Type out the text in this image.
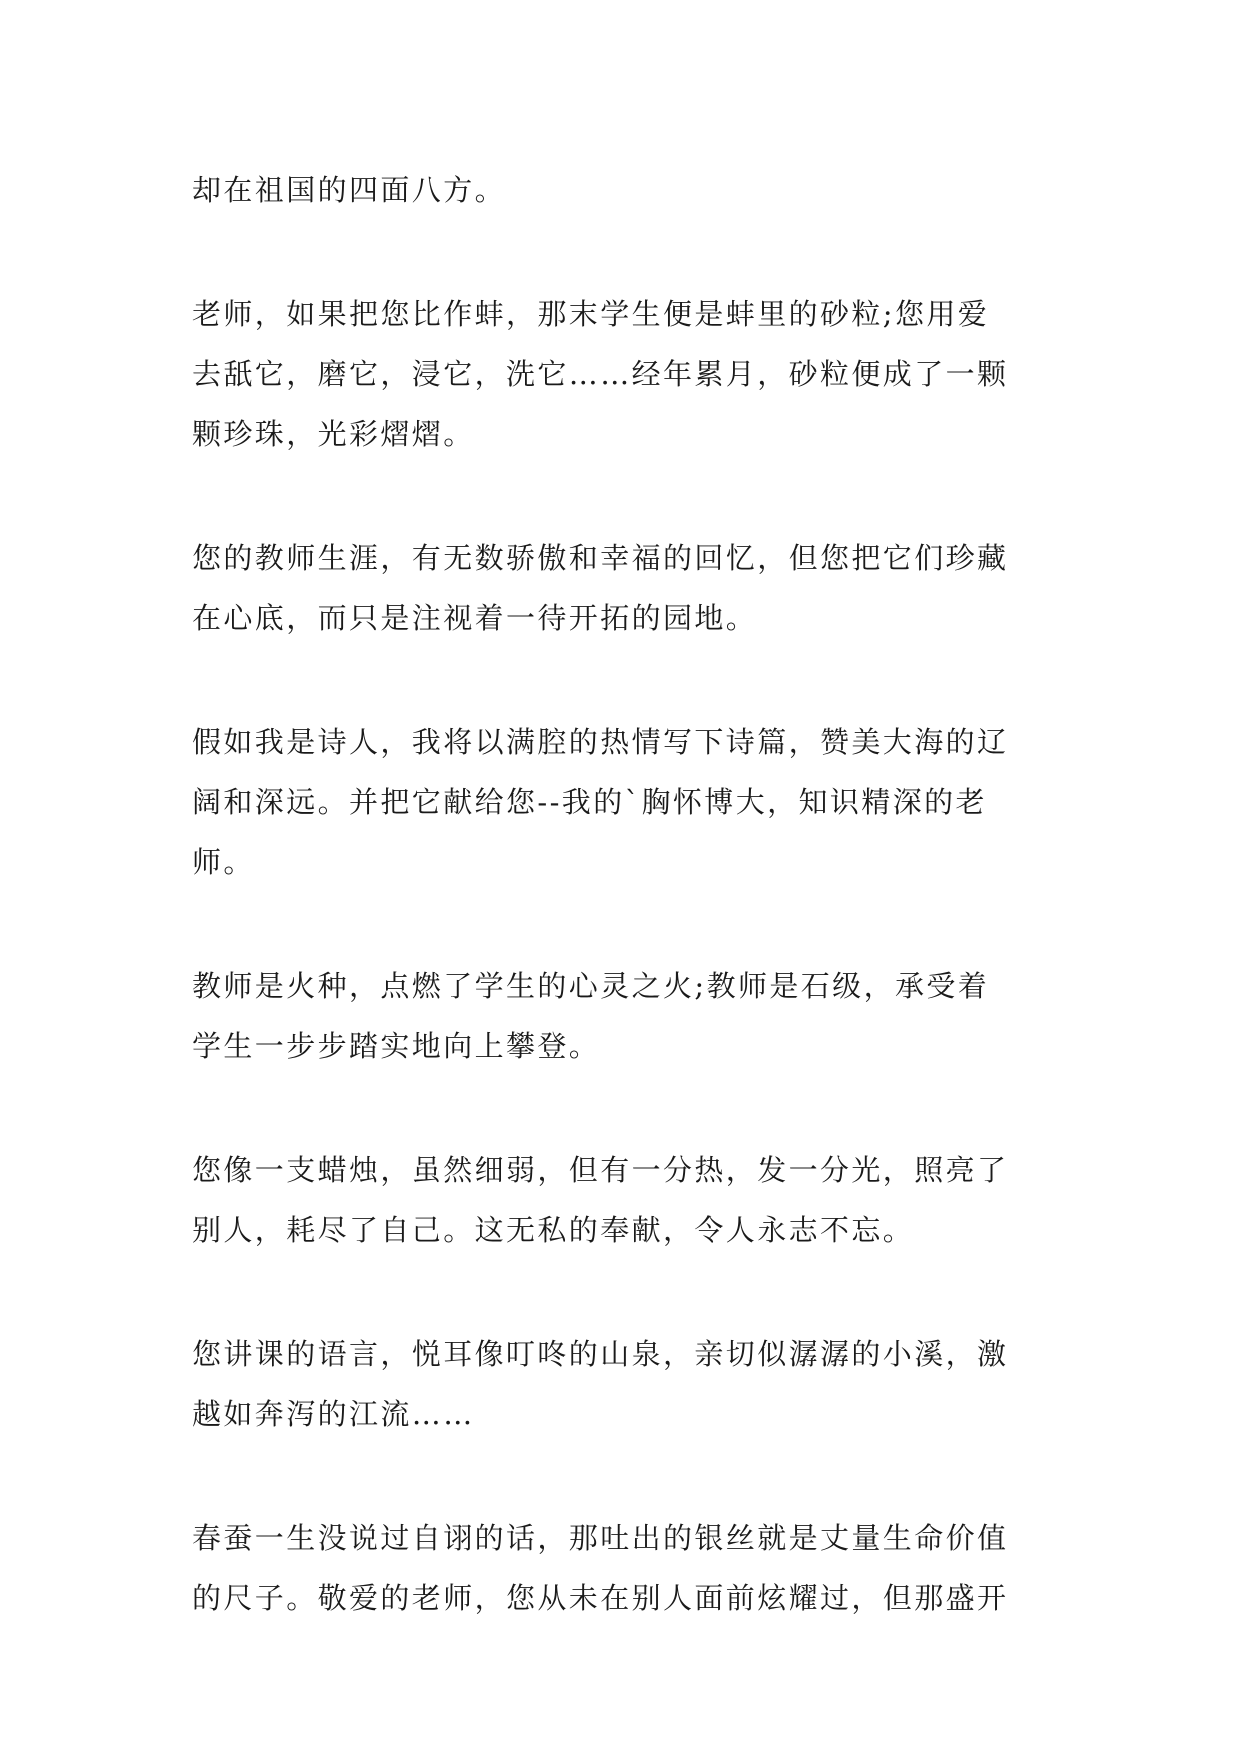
却在祖国的四面八方。

老师，如果把您比作蚌，那末学生便是蚌里的砂粒;您用爱
去舐它，磨它，浸它，洗它……经年累月，砂粒便成了一颗
颗珍珠，光彩熠熠。

您的教师生涯，有无数骄傲和幸福的回忆，但您把它们珍藏
在心底，而只是注视着一待开拓的园地。

假如我是诗人，我将以满腔的热情写下诗篇，赞美大海的辽
阔和深远。并把它献给您--我的`胸怀博大，知识精深的老
师。

教师是火种，点燃了学生的心灵之火;教师是石级，承受着
学生一步步踏实地向上攀登。

您像一支蜡烛，虽然细弱，但有一分热，发一分光，照亮了
别人，耗尽了自己。这无私的奉献，令人永志不忘。

您讲课的语言，悦耳像叮咚的山泉，亲切似潺潺的小溪，激
越如奔泻的江流……

春蚕一生没说过自诩的话，那吐出的银丝就是丈量生命价值
的尺子。敬爱的老师，您从未在别人面前炫耀过，但那盛开
